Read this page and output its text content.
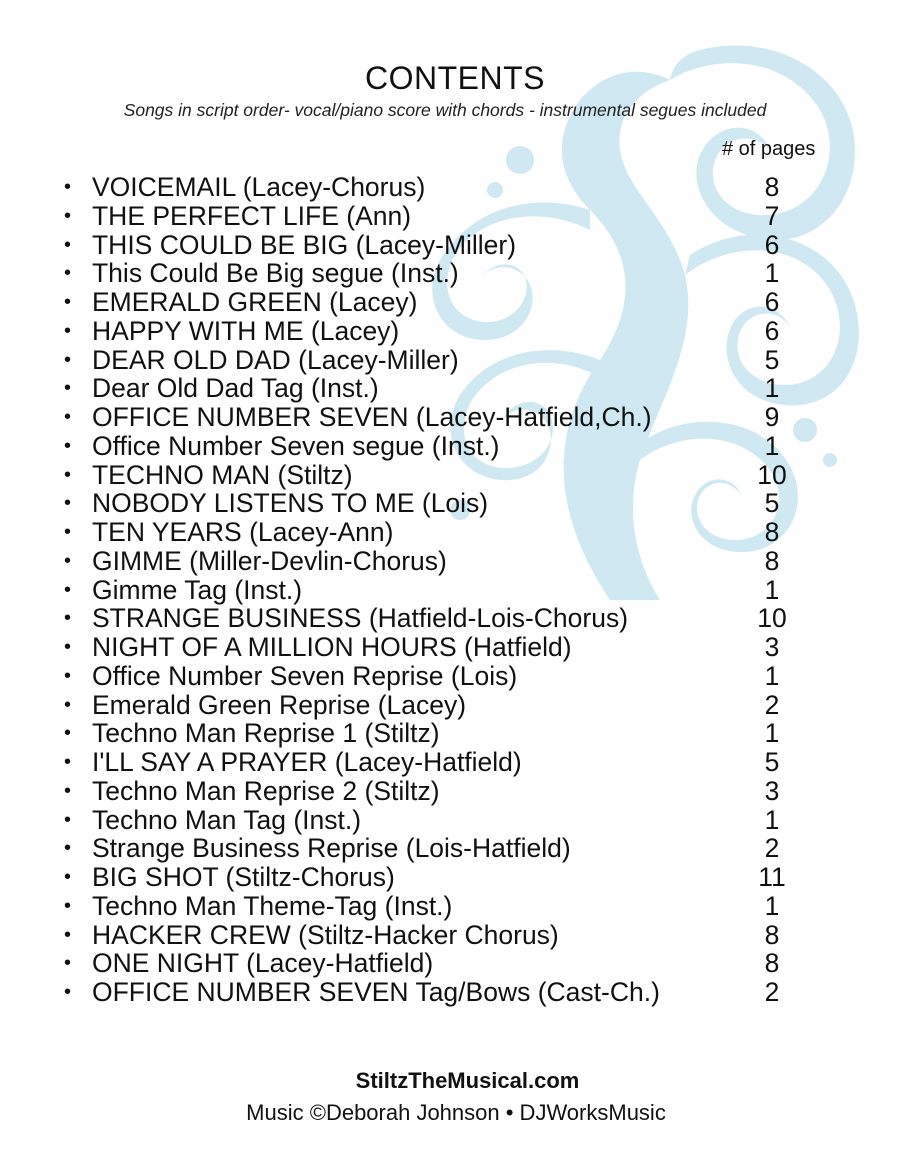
CONTENTS
Songs in script order- vocal/piano score with chords - instrumental segues included
# of pages
• VOICEMAIL (Lacey-Chorus)	8
• THE PERFECT LIFE (Ann)	7
• THIS COULD BE BIG (Lacey-Miller)	6
• This Could Be Big segue (Inst.)	1
• EMERALD GREEN (Lacey)	6
• HAPPY WITH ME (Lacey)	6
• DEAR OLD DAD (Lacey-Miller)	5
• Dear Old Dad Tag (Inst.)	1
• OFFICE NUMBER SEVEN (Lacey-Hatfield,Ch.)	9
• Office Number Seven segue (Inst.)	1
• TECHNO MAN (Stiltz)	10
• NOBODY LISTENS TO ME (Lois)	5
• TEN YEARS (Lacey-Ann)	8
• GIMME (Miller-Devlin-Chorus)	8
• Gimme Tag (Inst.)	1
• STRANGE BUSINESS (Hatfield-Lois-Chorus)	10
• NIGHT OF A MILLION HOURS (Hatfield)	3
• Office Number Seven Reprise (Lois)	1
• Emerald Green Reprise (Lacey)	2
• Techno Man Reprise 1 (Stiltz)	1
• I'LL SAY A PRAYER (Lacey-Hatfield)	5
• Techno Man Reprise 2 (Stiltz)	3
• Techno Man Tag (Inst.)	1
• Strange Business Reprise (Lois-Hatfield)	2
• BIG SHOT (Stiltz-Chorus)	11
• Techno Man Theme-Tag (Inst.)	1
• HACKER CREW (Stiltz-Hacker Chorus)	8
• ONE NIGHT (Lacey-Hatfield)	8
• OFFICE NUMBER SEVEN Tag/Bows (Cast-Ch.)	2
StiltzTheMusical.com
Music ©Deborah Johnson • DJWorksMusic
